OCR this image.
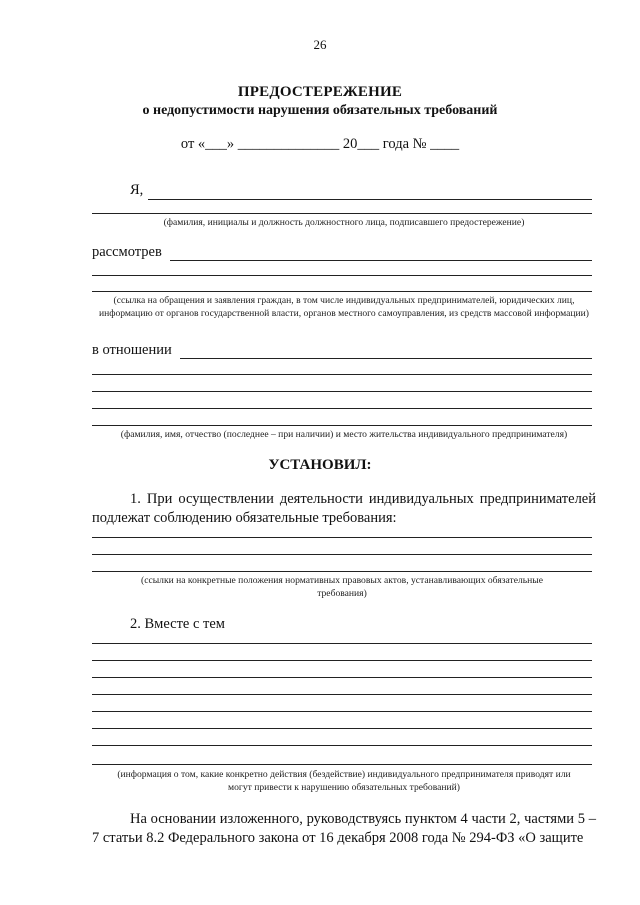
26
ПРЕДОСТЕРЕЖЕНИЕ
о недопустимости нарушения обязательных требований
от «___» ______________ 20___ года № ____
Я,
(фамилия, инициалы и должность должностного лица, подписавшего предостережение)
рассмотрев
(ссылка на обращения и заявления граждан, в том числе индивидуальных предпринимателей, юридических лиц, информацию от органов государственной власти, органов местного самоуправления, из средств массовой информации)
в отношении
(фамилия, имя, отчество (последнее – при наличии) и место жительства индивидуального предпринимателя)
УСТАНОВИЛ:
1. При осуществлении деятельности индивидуальных предпринимателей подлежат соблюдению обязательные требования:
(ссылки на конкретные положения нормативных правовых актов, устанавливающих обязательные требования)
2. Вместе с тем
(информация о том, какие конкретно действия (бездействие) индивидуального предпринимателя приводят или могут привести к нарушению обязательных требований)
На основании изложенного, руководствуясь пунктом 4 части 2, частями 5 – 7 статьи 8.2 Федерального закона от 16 декабря 2008 года № 294-ФЗ «О защите
